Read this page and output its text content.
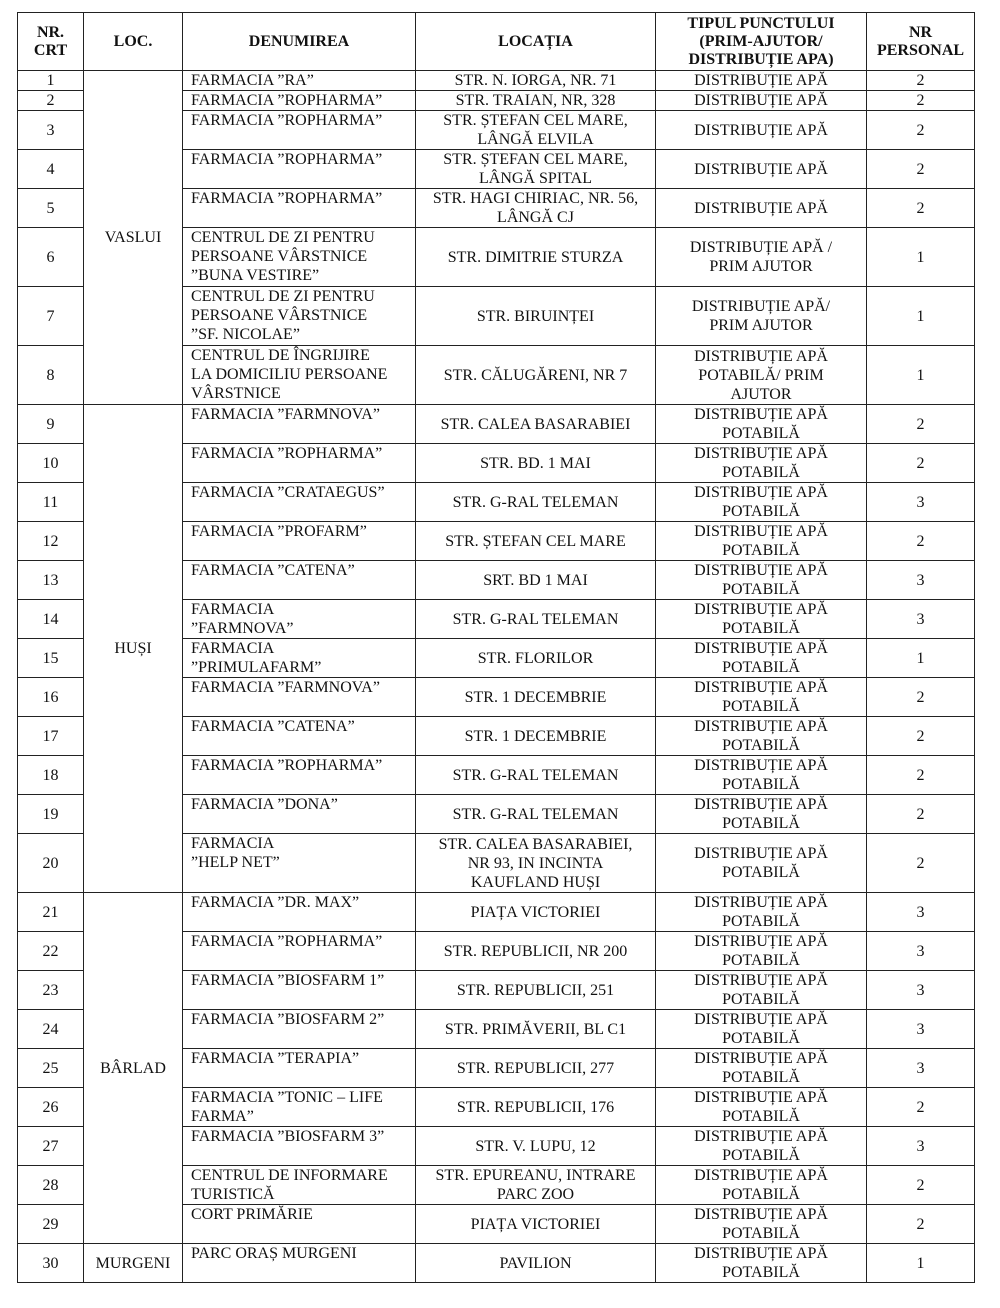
NR.
CRT	LOC.	DENUMIREA	LOCAȚIA	TIPUL PUNCTULUI
(PRIM-AJUTOR/
DISTRIBUȚIE APA)	NR
PERSONAL
1	VASLUI	FARMACIA ”RA”	STR. N. IORGA, NR. 71	DISTRIBUȚIE APĂ	2
2		FARMACIA ”ROPHARMA”	STR. TRAIAN, NR, 328	DISTRIBUȚIE APĂ	2
3		FARMACIA ”ROPHARMA”	STR. ȘTEFAN CEL MARE,
LÂNGĂ ELVILA	DISTRIBUȚIE APĂ	2
4		FARMACIA ”ROPHARMA”	STR. ȘTEFAN CEL MARE,
LÂNGĂ SPITAL	DISTRIBUȚIE APĂ	2
5		FARMACIA ”ROPHARMA”	STR. HAGI CHIRIAC, NR. 56,
LÂNGĂ CJ	DISTRIBUȚIE APĂ	2
6		CENTRUL DE ZI PENTRU
PERSOANE VÂRSTNICE
”BUNA VESTIRE”	STR. DIMITRIE STURZA	DISTRIBUȚIE APĂ /
PRIM AJUTOR	1
7		CENTRUL DE ZI PENTRU
PERSOANE VÂRSTNICE
”SF. NICOLAE”	STR. BIRUINȚEI	DISTRIBUȚIE APĂ/
PRIM AJUTOR	1
8		CENTRUL DE ÎNGRIJIRE
LA DOMICILIU PERSOANE
VÂRSTNICE	STR. CĂLUGĂRENI, NR 7	DISTRIBUȚIE APĂ
POTABILĂ/ PRIM
AJUTOR	1
9	HUȘI	FARMACIA ”FARMNOVA”	STR. CALEA BASARABIEI	DISTRIBUȚIE APĂ
POTABILĂ	2
10		FARMACIA ”ROPHARMA”	STR. BD. 1 MAI	DISTRIBUȚIE APĂ
POTABILĂ	2
11		FARMACIA ”CRATAEGUS”	STR. G-RAL TELEMAN	DISTRIBUȚIE APĂ
POTABILĂ	3
12		FARMACIA ”PROFARM”	STR. ȘTEFAN CEL MARE	DISTRIBUȚIE APĂ
POTABILĂ	2
13		FARMACIA ”CATENA”	SRT. BD 1 MAI	DISTRIBUȚIE APĂ
POTABILĂ	3
14		FARMACIA
”FARMNOVA”	STR. G-RAL TELEMAN	DISTRIBUȚIE APĂ
POTABILĂ	3
15		FARMACIA
”PRIMULAFARM”	STR. FLORILOR	DISTRIBUȚIE APĂ
POTABILĂ	1
16		FARMACIA ”FARMNOVA”	STR. 1 DECEMBRIE	DISTRIBUȚIE APĂ
POTABILĂ	2
17		FARMACIA ”CATENA”	STR. 1 DECEMBRIE	DISTRIBUȚIE APĂ
POTABILĂ	2
18		FARMACIA ”ROPHARMA”	STR. G-RAL TELEMAN	DISTRIBUȚIE APĂ
POTABILĂ	2
19		FARMACIA ”DONA”	STR. G-RAL TELEMAN	DISTRIBUȚIE APĂ
POTABILĂ	2
20		FARMACIA
”HELP NET”	STR. CALEA BASARABIEI,
NR 93, IN INCINTA
KAUFLAND HUȘI	DISTRIBUȚIE APĂ
POTABILĂ	2
21	BÂRLAD	FARMACIA ”DR. MAX”	PIAȚA VICTORIEI	DISTRIBUȚIE APĂ
POTABILĂ	3
22		FARMACIA ”ROPHARMA”	STR. REPUBLICII, NR 200	DISTRIBUȚIE APĂ
POTABILĂ	3
23		FARMACIA ”BIOSFARM 1”	STR. REPUBLICII, 251	DISTRIBUȚIE APĂ
POTABILĂ	3
24		FARMACIA ”BIOSFARM 2”	STR. PRIMĂVERII, BL C1	DISTRIBUȚIE APĂ
POTABILĂ	3
25		FARMACIA ”TERAPIA”	STR. REPUBLICII, 277	DISTRIBUȚIE APĂ
POTABILĂ	3
26		FARMACIA ”TONIC – LIFE
FARMA”	STR. REPUBLICII, 176	DISTRIBUȚIE APĂ
POTABILĂ	2
27		FARMACIA ”BIOSFARM 3”	STR. V. LUPU, 12	DISTRIBUȚIE APĂ
POTABILĂ	3
28		CENTRUL DE INFORMARE
TURISTICĂ	STR. EPUREANU, INTRARE
PARC ZOO	DISTRIBUȚIE APĂ
POTABILĂ	2
29		CORT PRIMĂRIE	PIAȚA VICTORIEI	DISTRIBUȚIE APĂ
POTABILĂ	2
30	MURGENI	PARC ORAȘ MURGENI	PAVILION	DISTRIBUȚIE APĂ
POTABILĂ	1
